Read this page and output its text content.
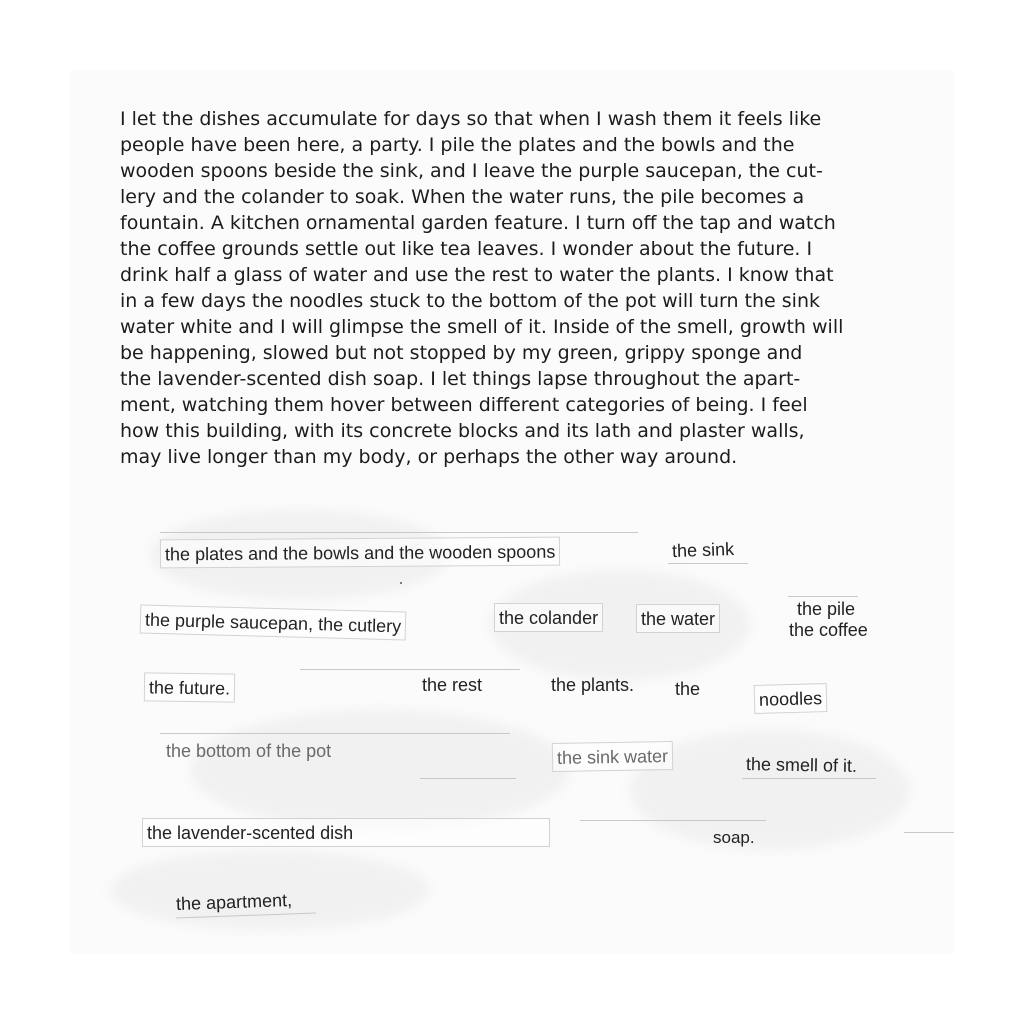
I let the dishes accumulate for days so that when I wash them it feels like
people have been here, a party. I pile the plates and the bowls and the
wooden spoons beside the sink, and I leave the purple saucepan, the cut-
lery and the colander to soak. When the water runs, the pile becomes a
fountain. A kitchen ornamental garden feature. I turn off the tap and watch
the coffee grounds settle out like tea leaves. I wonder about the future. I
drink half a glass of water and use the rest to water the plants. I know that
in a few days the noodles stuck to the bottom of the pot will turn the sink
water white and I will glimpse the smell of it. Inside of the smell, growth will
be happening, slowed but not stopped by my green, grippy sponge and
the lavender-scented dish soap. I let things lapse throughout the apart-
ment, watching them hover between different categories of being. I feel
how this building, with its concrete blocks and its lath and plaster walls,
may live longer than my body, or perhaps the other way around.
the plates and the bowls and the wooden spoons	the sink
the purple saucepan, the cutlery	the colander the water	the pile
the coffee
the future.	the rest	the plants. the	noodles
the bottom of the pot	the sink water	the smell of it.
the lavender-scented dish	soap.
the apartment,
